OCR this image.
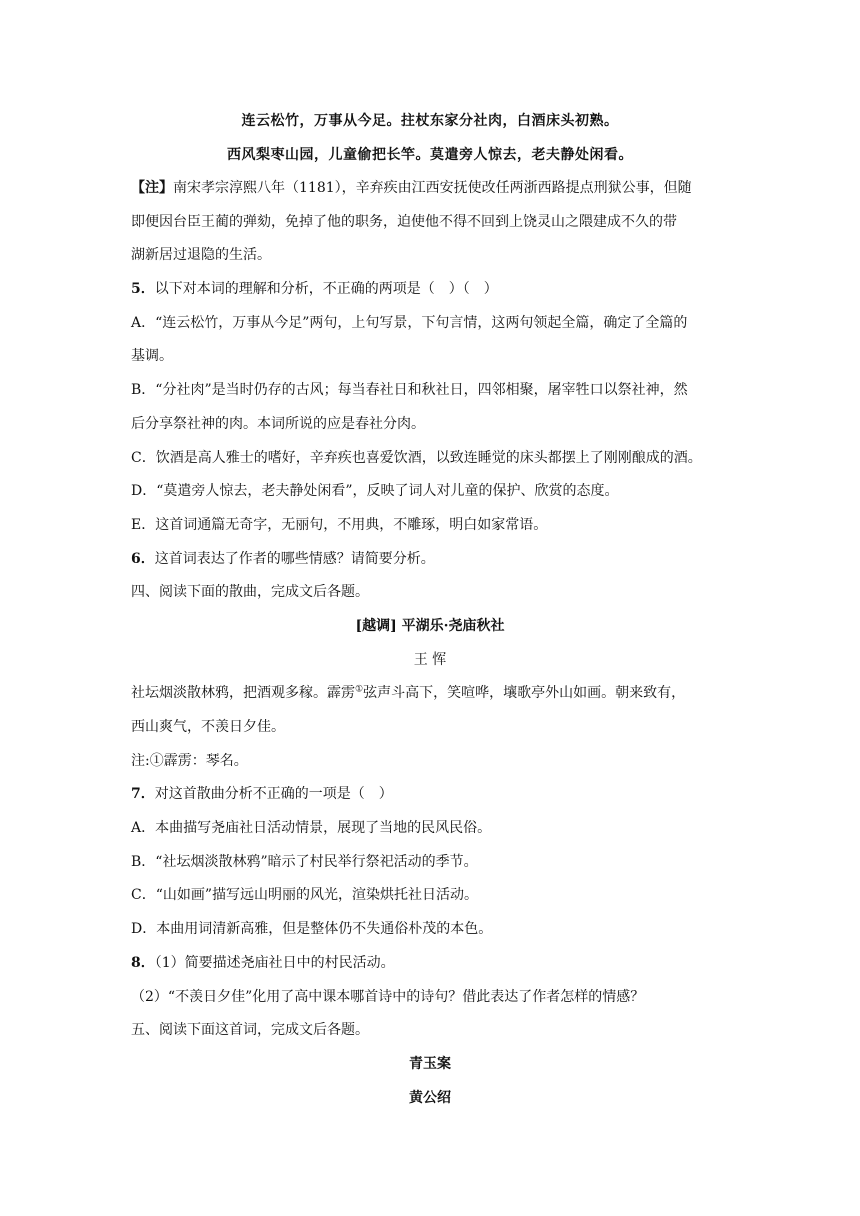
连云松竹，万事从今足。拄杖东家分社肉，白酒床头初熟。
西风梨枣山园，儿童偷把长竿。莫遣旁人惊去，老夫静处闲看。
【注】南宋孝宗淳熙八年（1181），辛弃疾由江西安抚使改任两浙西路提点刑狱公事，但随
即便因台臣王蔺的弹劾，免掉了他的职务，迫使他不得不回到上饶灵山之隈建成不久的带
湖新居过退隐的生活。
5．以下对本词的理解和分析，不正确的两项是（　）（　）
A．“连云松竹，万事从今足”两句，上句写景，下句言情，这两句领起全篇，确定了全篇的
基调。
B．“分社肉”是当时仍存的古风；每当春社日和秋社日，四邻相聚，屠宰牲口以祭社神，然
后分享祭社神的肉。本词所说的应是春社分肉。
C．饮酒是高人雅士的嗜好，辛弃疾也喜爱饮酒，以致连睡觉的床头都摆上了刚刚酿成的酒。
D．“莫遣旁人惊去，老夫静处闲看”，反映了词人对儿童的保护、欣赏的态度。
E．这首词通篇无奇字，无丽句，不用典，不雕琢，明白如家常语。
6．这首词表达了作者的哪些情感？请简要分析。
四、阅读下面的散曲，完成文后各题。
[越调] 平湖乐·尧庙秋社
王 恽
社坛烟淡散林鸦，把酒观多稼。霹雳①弦声斗高下，笑喧哗，壤歌亭外山如画。朝来致有，
西山爽气，不羡日夕佳。
注:①霹雳：琴名。
7．对这首散曲分析不正确的一项是（　）
A．本曲描写尧庙社日活动情景，展现了当地的民风民俗。
B．“社坛烟淡散林鸦”暗示了村民举行祭祀活动的季节。
C．“山如画”描写远山明丽的风光，渲染烘托社日活动。
D．本曲用词清新高雅，但是整体仍不失通俗朴茂的本色。
8．（1）简要描述尧庙社日中的村民活动。
（2）“不羡日夕佳”化用了高中课本哪首诗中的诗句？借此表达了作者怎样的情感？
五、阅读下面这首词，完成文后各题。
青玉案
黄公绍
